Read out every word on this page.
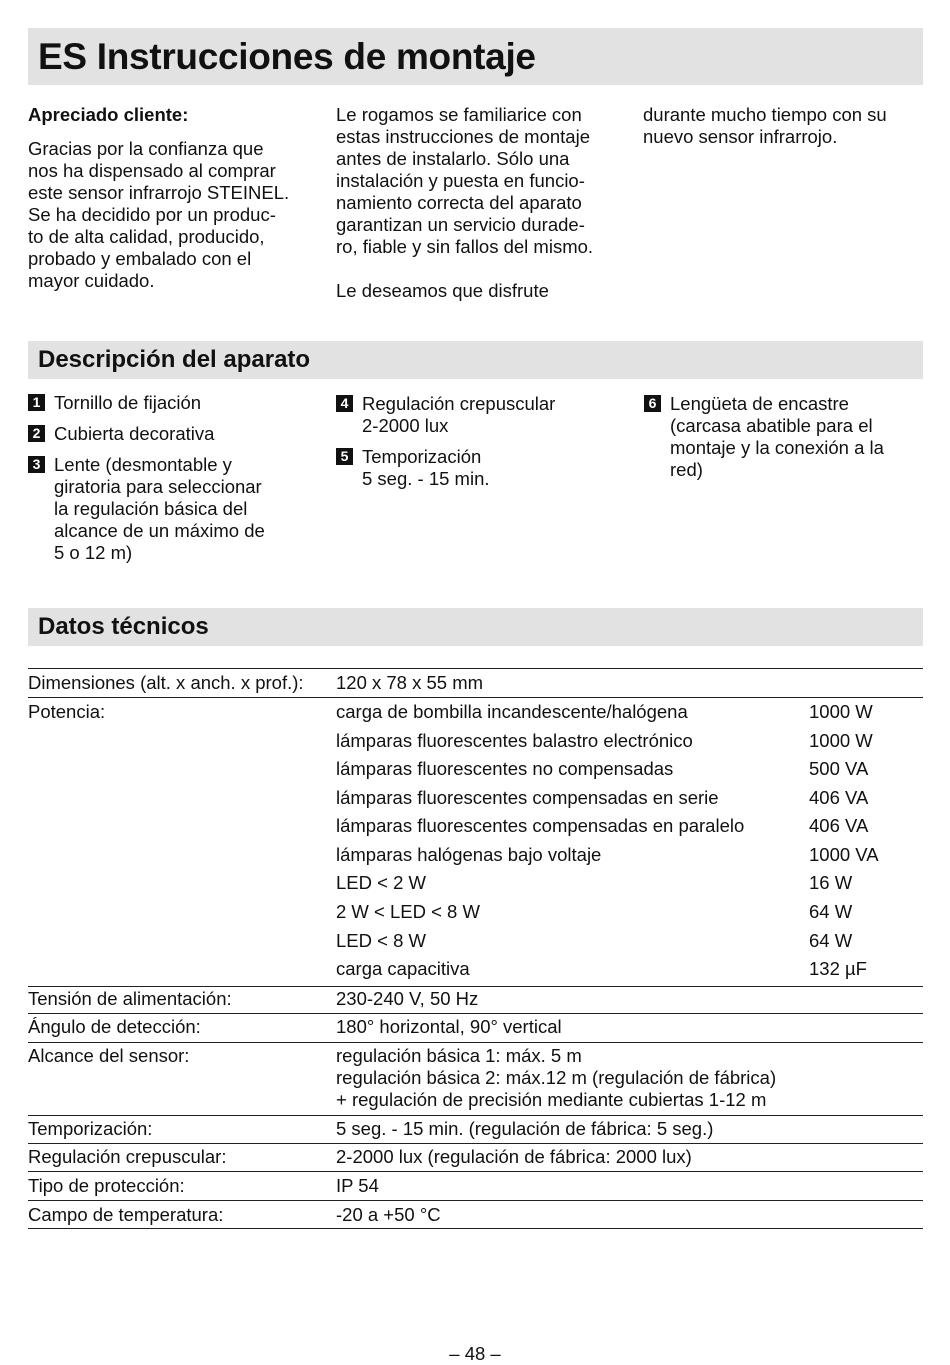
ES Instrucciones de montaje

Apreciado cliente:

Gracias por la confianza que
nos ha dispensado al comprar
este sensor infrarrojo STEINEL.
Se ha decidido por un produc-
to de alta calidad, producido,
probado y embalado con el
mayor cuidado.

Le rogamos se familiarice con
estas instrucciones de montaje
antes de instalarlo. Sólo una
instalación y puesta en funcio-
namiento correcta del aparato
garantizan un servicio durade-
ro, fiable y sin fallos del mismo.

Le deseamos que disfrute

durante mucho tiempo con su
nuevo sensor infrarrojo.

Descripción del aparato
1 Tornillo de fijación
2 Cubierta decorativa
3 Lente (desmontable y
giratoria para seleccionar
la regulación básica del
alcance de un máximo de
5 o 12 m)
4 Regulación crepuscular
2-2000 lux
5 Temporización
5 seg. - 15 min.
6 Lengüeta de encastre
(carcasa abatible para el
montaje y la conexión a la
red)
Datos técnicos
Dimensiones (alt. x anch. x prof.): 120 x 78 x 55 mm
Potencia:	carga de bombilla incandescente/halógena	1000 W
lámparas fluorescentes balastro electrónico	1000 W
lámparas fluorescentes no compensadas	500 VA
lámparas fluorescentes compensadas en serie	406 VA
lámparas fluorescentes compensadas en paralelo	406 VA
lámparas halógenas bajo voltaje	1000 VA
LED < 2 W	16 W
2 W < LED < 8 W	64 W
LED < 8 W	64 W
carga capacitiva	132 µF
Tensión de alimentación:	230-240 V, 50 Hz
Ángulo de detección:	180° horizontal, 90° vertical
Alcance del sensor:	regulación básica 1: máx. 5 m
regulación básica 2: máx.12 m (regulación de fábrica)
+ regulación de precisión mediante cubiertas 1-12 m
Temporización:	5 seg. - 15 min. (regulación de fábrica: 5 seg.)
Regulación crepuscular:	2-2000 lux (regulación de fábrica: 2000 lux)
Tipo de protección:	IP 54
Campo de temperatura:	-20 a +50 °C
– 48 –
